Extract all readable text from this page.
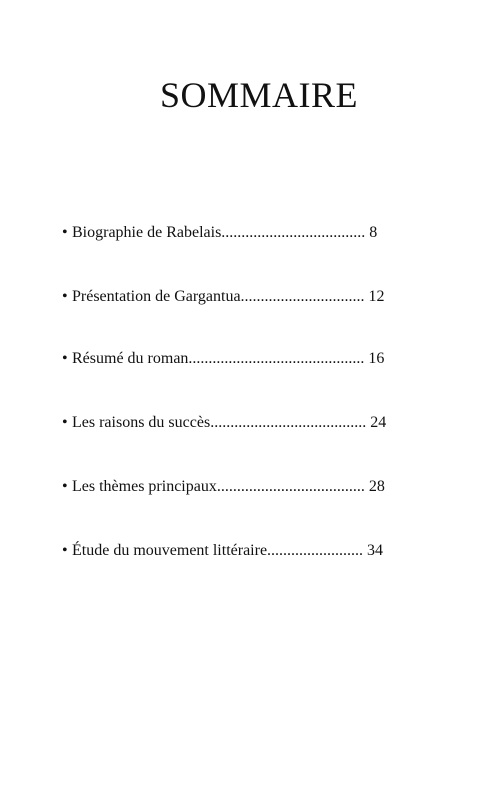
SOMMAIRE
• Biographie de Rabelais.................................... 8
• Présentation de Gargantua............................... 12
• Résumé du roman............................................ 16
• Les raisons du succès....................................... 24
• Les thèmes principaux..................................... 28
• Étude du mouvement littéraire........................ 34
